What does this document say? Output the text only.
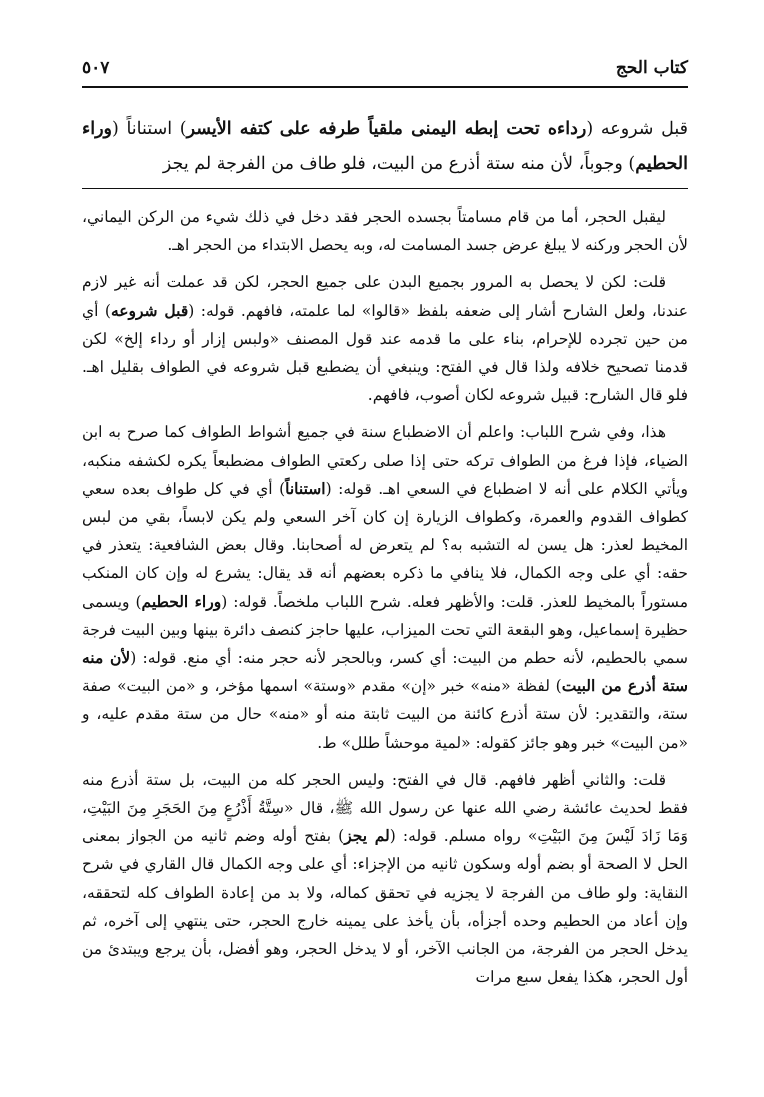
كتاب الحج
٥٠٧
قبل شروعه (رداءه تحت إبطه اليمنى ملقياً طرفه على كتفه الأيسر) استناناً (وراء الحطيم) وجوباً، لأن منه ستة أذرع من البيت، فلو طاف من الفرجة لم يجز

ليقبل الحجر، أما من قام مسامتاً بجسده الحجر فقد دخل في ذلك شيء من الركن اليماني، لأن الحجر وركنه لا يبلغ عرض جسد المسامت له، وبه يحصل الابتداء من الحجر اهـ.

قلت: لكن لا يحصل به المرور بجميع البدن على جميع الحجر، لكن قد عملت أنه غير لازم عندنا، ولعل الشارح أشار إلى ضعفه بلفظ «قالوا» لما علمته، فافهم. قوله: (قبل شروعه) أي من حين تجرده للإحرام، بناء على ما قدمه عند قول المصنف «ولبس إزار أو رداء إلخ» لكن قدمنا تصحيح خلافه ولذا قال في الفتح: وينبغي أن يضطبع قبل شروعه في الطواف بقليل اهـ. فلو قال الشارح: قبيل شروعه لكان أصوب، فافهم.

هذا، وفي شرح اللباب: واعلم أن الاضطباع سنة في جميع أشواط الطواف كما صرح به ابن الضياء، فإذا فرغ من الطواف تركه حتى إذا صلى ركعتي الطواف مضطبعاً يكره لكشفه منكبه، ويأتي الكلام على أنه لا اضطباع في السعي اهـ. قوله: (استناناً) أي في كل طواف بعده سعي كطواف القدوم والعمرة، وكطواف الزيارة إن كان آخر السعي ولم يكن لابساً، بقي من لبس المخيط لعذر: هل يسن له التشبه به؟ لم يتعرض له أصحابنا. وقال بعض الشافعية: يتعذر في حقه: أي على وجه الكمال، فلا ينافي ما ذكره بعضهم أنه قد يقال: يشرع له وإن كان المنكب مستوراً بالمخيط للعذر. قلت: والأظهر فعله. شرح اللباب ملخصاً. قوله: (وراء الحطيم) ويسمى حظيرة إسماعيل، وهو البقعة التي تحت الميزاب، عليها حاجز كنصف دائرة بينها وبين البيت فرجة سمي بالحطيم، لأنه حطم من البيت: أي كسر، وبالحجر لأنه حجر منه: أي منع. قوله: (لأن منه ستة أذرع من البيت) لفظة «منه» خبر «إن» مقدم «وستة» اسمها مؤخر، و «من البيت» صفة ستة، والتقدير: لأن ستة أذرع كائنة من البيت ثابتة منه أو «منه» حال من ستة مقدم عليه، و «من البيت» خبر وهو جائز كقوله: «لمية موحشاً طلل» ط.

قلت: والثاني أظهر فافهم. قال في الفتح: وليس الحجر كله من البيت، بل ستة أذرع منه فقط لحديث عائشة رضي الله عنها عن رسول الله ﷺ، قال «سِتَّةُ أَذْرُعٍ مِنَ الحَجَرِ مِنَ البَيْتِ، وَمَا زَادَ لَيْسَ مِنَ البَيْتِ» رواه مسلم. قوله: (لم يجز) بفتح أوله وضم ثانيه من الجواز بمعنى الحل لا الصحة أو بضم أوله وسكون ثانيه من الإجزاء: أي على وجه الكمال قال القاري في شرح النقاية: ولو طاف من الفرجة لا يجزيه في تحقق كماله، ولا بد من إعادة الطواف كله لتحققه، وإن أعاد من الحطيم وحده أجزأه، بأن يأخذ على يمينه خارج الحجر، حتى ينتهي إلى آخره، ثم يدخل الحجر من الفرجة، من الجانب الآخر، أو لا يدخل الحجر، وهو أفضل، بأن يرجع ويبتدئ من أول الحجر، هكذا يفعل سبع مرات
